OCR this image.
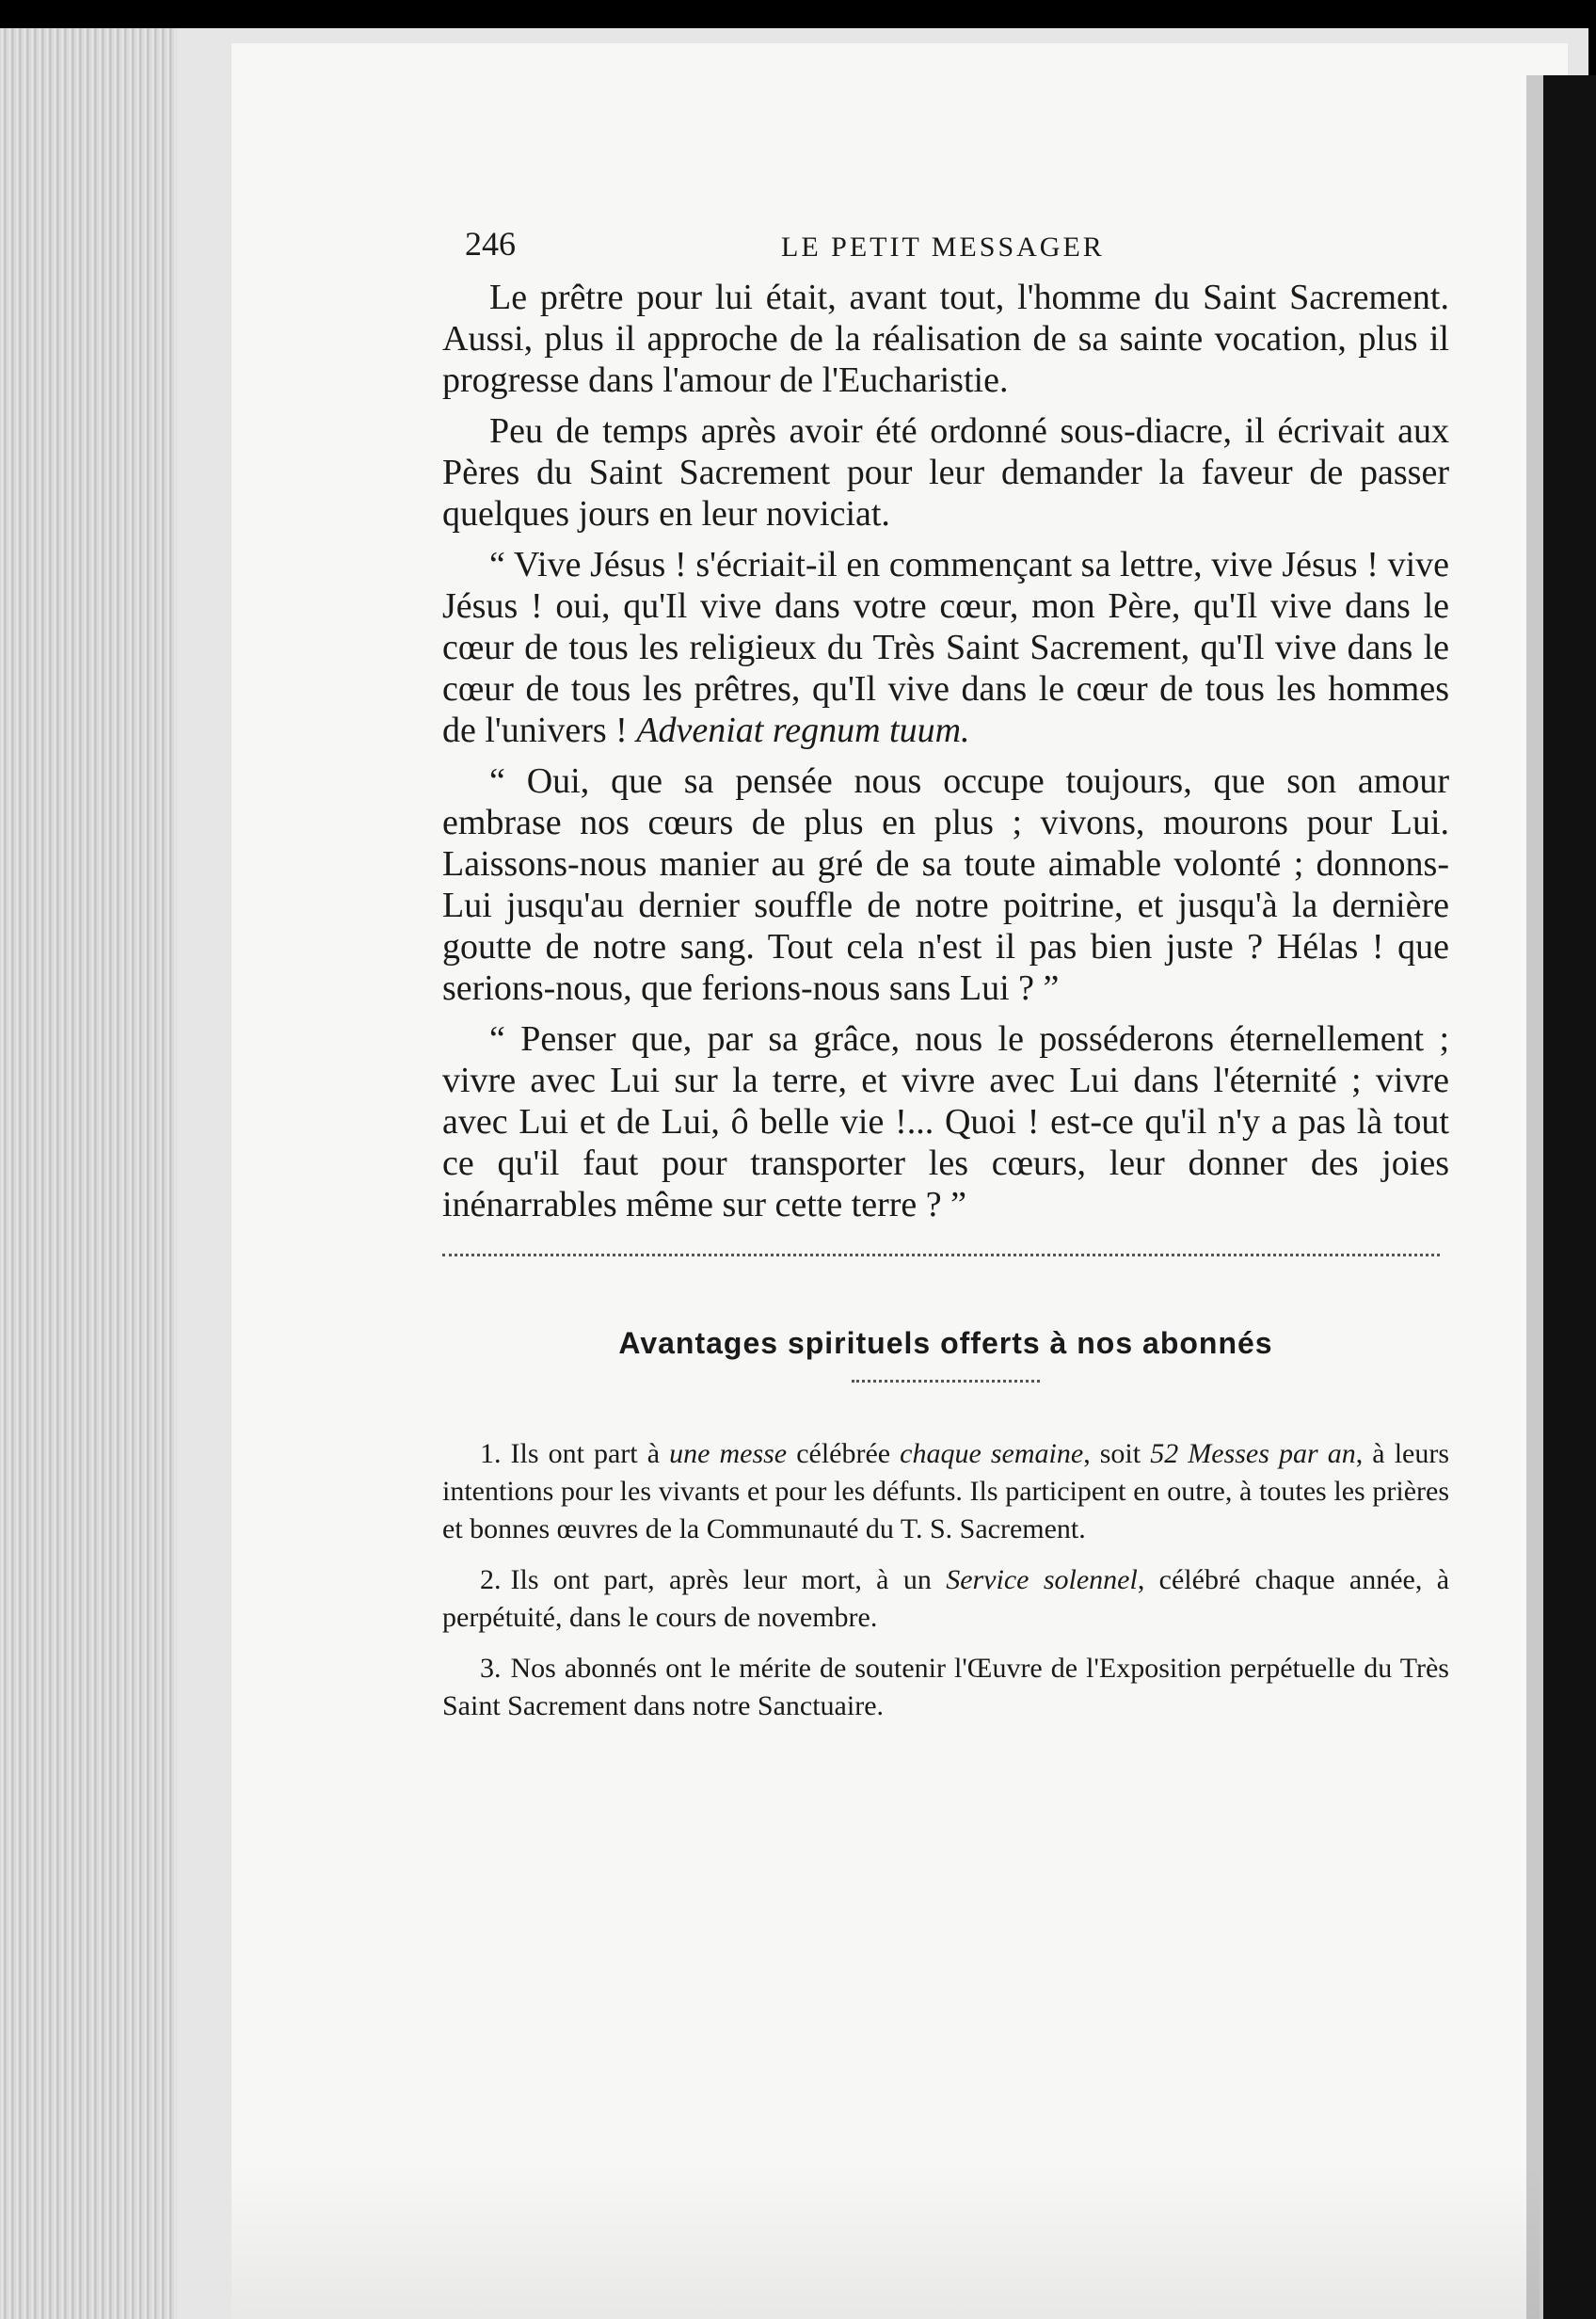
246	LE PETIT MESSAGER

Le prêtre pour lui était, avant tout, l'homme du Saint Sacrement. Aussi, plus il approche de la réalisation de sa sainte vocation, plus il progresse dans l'amour de l'Eucharistie.

Peu de temps après avoir été ordonné sous-diacre, il écrivait aux Pères du Saint Sacrement pour leur demander la faveur de passer quelques jours en leur noviciat.

“ Vive Jésus ! s'écriait-il en commençant sa lettre, vive Jésus ! vive Jésus ! oui, qu'Il vive dans votre cœur, mon Père, qu'Il vive dans le cœur de tous les religieux du Très Saint Sacrement, qu'Il vive dans le cœur de tous les prêtres, qu'Il vive dans le cœur de tous les hommes de l'univers ! Adveniat regnum tuum.

“ Oui, que sa pensée nous occupe toujours, que son amour embrase nos cœurs de plus en plus ; vivons, mourons pour Lui. Laissons-nous manier au gré de sa toute aimable volonté ; donnons-Lui jusqu'au dernier souffle de notre poitrine, et jusqu'à la dernière goutte de notre sang. Tout cela n'est il pas bien juste ? Hélas ! que serions-nous, que ferions-nous sans Lui ? ”

“ Penser que, par sa grâce, nous le posséderons éternellement ; vivre avec Lui sur la terre, et vivre avec Lui dans l'éternité ; vivre avec Lui et de Lui, ô belle vie !... Quoi ! est-ce qu'il n'y a pas là tout ce qu'il faut pour transporter les cœurs, leur donner des joies inénarrables même sur cette terre ? ”

Avantages spirituels offerts à nos abonnés

1. Ils ont part à une messe célébrée chaque semaine, soit 52 Messes par an, à leurs intentions pour les vivants et pour les défunts. Ils participent en outre, à toutes les prières et bonnes œuvres de la Communauté du T. S. Sacrement.

2. Ils ont part, après leur mort, à un Service solennel, célébré chaque année, à perpétuité, dans le cours de novembre.

3. Nos abonnés ont le mérite de soutenir l'Œuvre de l'Exposition perpétuelle du Très Saint Sacrement dans notre Sanctuaire.
